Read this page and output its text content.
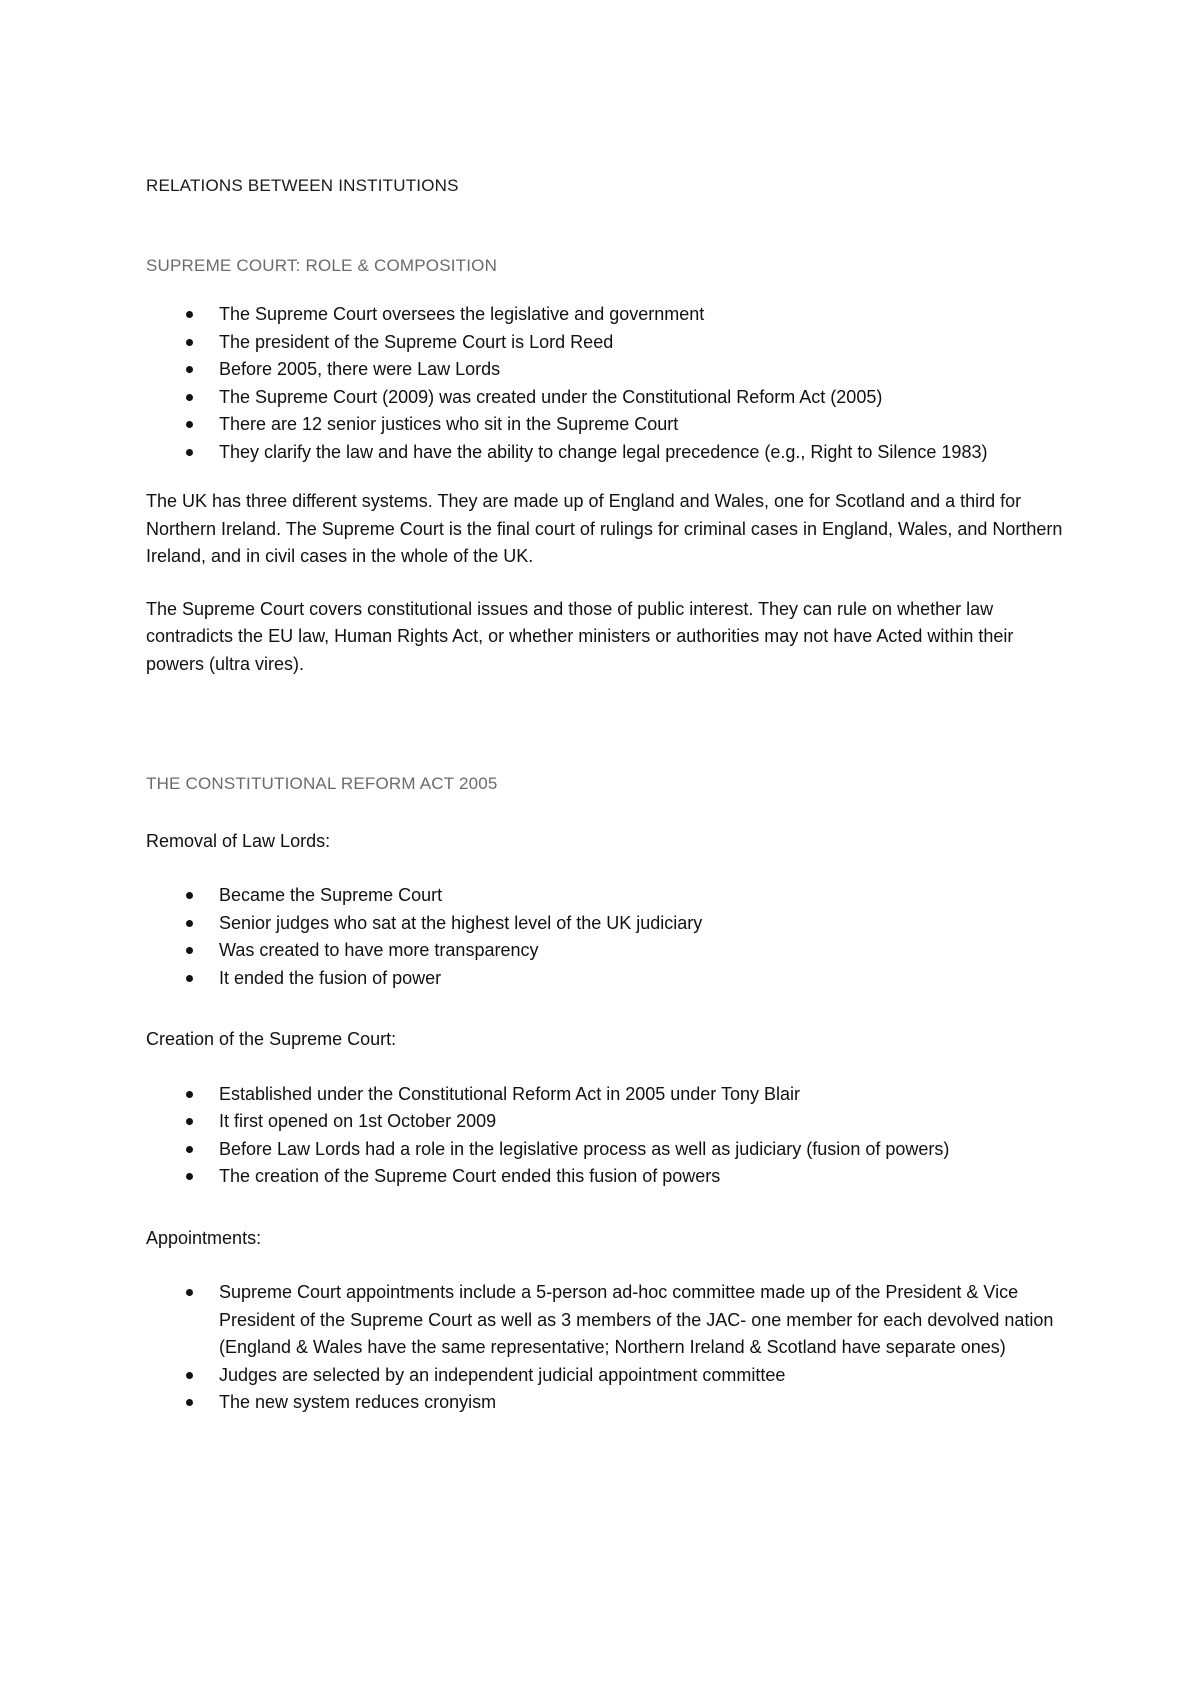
RELATIONS BETWEEN INSTITUTIONS
SUPREME COURT: ROLE & COMPOSITION
The Supreme Court oversees the legislative and government
The president of the Supreme Court is Lord Reed
Before 2005, there were Law Lords
The Supreme Court (2009) was created under the Constitutional Reform Act (2005)
There are 12 senior justices who sit in the Supreme Court
They clarify the law and have the ability to change legal precedence (e.g., Right to Silence 1983)

The UK has three different systems. They are made up of England and Wales, one for Scotland and a third for Northern Ireland. The Supreme Court is the final court of rulings for criminal cases in England, Wales, and Northern Ireland, and in civil cases in the whole of the UK.

The Supreme Court covers constitutional issues and those of public interest. They can rule on whether law contradicts the EU law, Human Rights Act, or whether ministers or authorities may not have Acted within their powers (ultra vires).

THE CONSTITUTIONAL REFORM ACT 2005

Removal of Law Lords:

Became the Supreme Court
Senior judges who sat at the highest level of the UK judiciary
Was created to have more transparency
It ended the fusion of power

Creation of the Supreme Court:

Established under the Constitutional Reform Act in 2005 under Tony Blair
It first opened on 1st October 2009
Before Law Lords had a role in the legislative process as well as judiciary (fusion of powers)
The creation of the Supreme Court ended this fusion of powers

Appointments:

Supreme Court appointments include a 5-person ad-hoc committee made up of the President & Vice President of the Supreme Court as well as 3 members of the JAC- one member for each devolved nation (England & Wales have the same representative; Northern Ireland & Scotland have separate ones)
Judges are selected by an independent judicial appointment committee
The new system reduces cronyism
